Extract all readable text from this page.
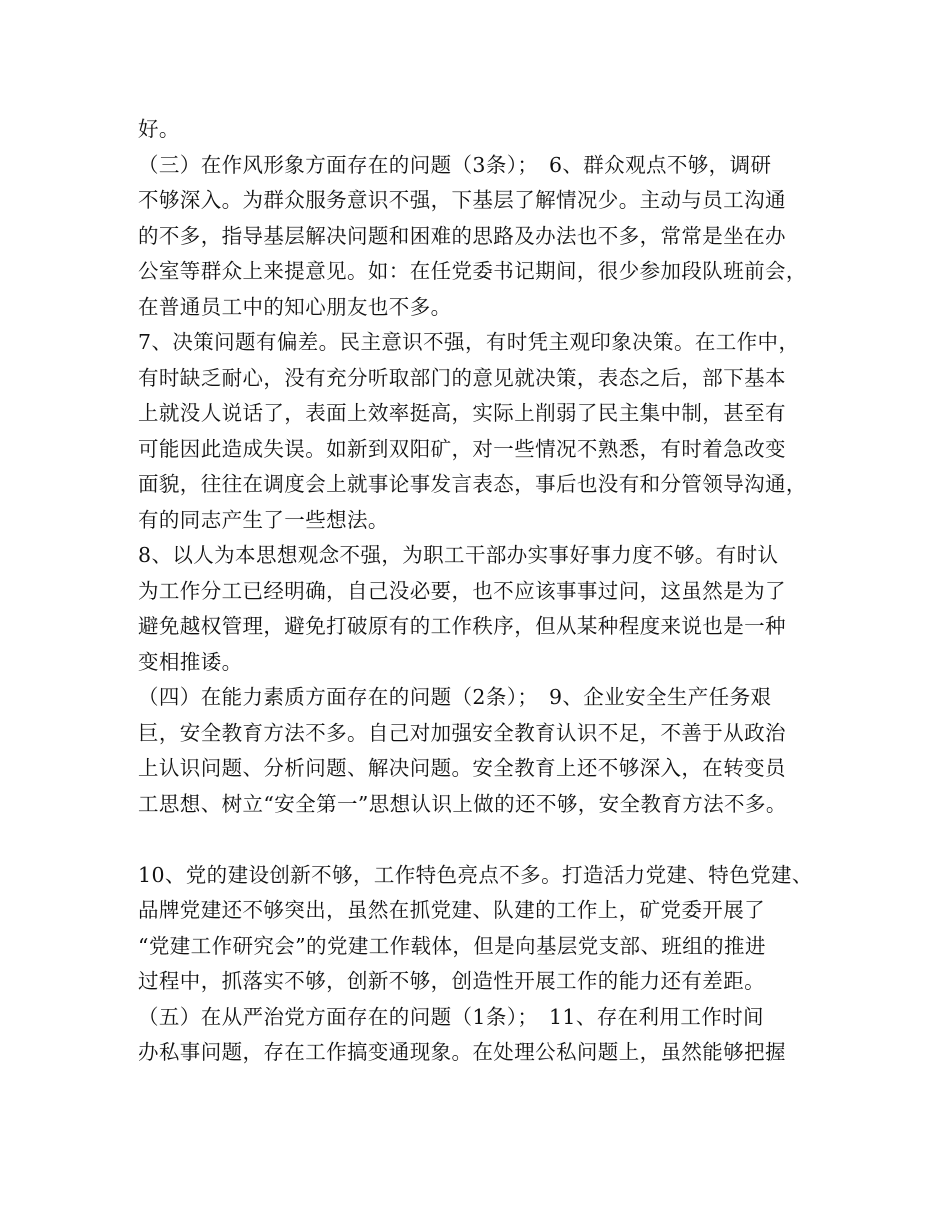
好。
（三）在作风形象方面存在的问题（3条）；　6、群众观点不够，调研
不够深入。为群众服务意识不强，下基层了解情况少。主动与员工沟通
的不多，指导基层解决问题和困难的思路及办法也不多，常常是坐在办
公室等群众上来提意见。如：在任党委书记期间，很少参加段队班前会，
在普通员工中的知心朋友也不多。
7、决策问题有偏差。民主意识不强，有时凭主观印象决策。在工作中，
有时缺乏耐心，没有充分听取部门的意见就决策，表态之后，部下基本
上就没人说话了，表面上效率挺高，实际上削弱了民主集中制，甚至有
可能因此造成失误。如新到双阳矿，对一些情况不熟悉，有时着急改变
面貌，往往在调度会上就事论事发言表态，事后也没有和分管领导沟通，
有的同志产生了一些想法。
8、以人为本思想观念不强，为职工干部办实事好事力度不够。有时认
为工作分工已经明确，自己没必要，也不应该事事过问，这虽然是为了
避免越权管理，避免打破原有的工作秩序，但从某种程度来说也是一种
变相推诿。
（四）在能力素质方面存在的问题（2条）；　9、企业安全生产任务艰
巨，安全教育方法不多。自己对加强安全教育认识不足，不善于从政治
上认识问题、分析问题、解决问题。安全教育上还不够深入，在转变员
工思想、树立“安全第一”思想认识上做的还不够，安全教育方法不多。
10、党的建设创新不够，工作特色亮点不多。打造活力党建、特色党建、
品牌党建还不够突出，虽然在抓党建、队建的工作上，矿党委开展了
“党建工作研究会”的党建工作载体，但是向基层党支部、班组的推进
过程中，抓落实不够，创新不够，创造性开展工作的能力还有差距。
（五）在从严治党方面存在的问题（1条）；　11、存在利用工作时间
办私事问题，存在工作搞变通现象。在处理公私问题上，虽然能够把握
